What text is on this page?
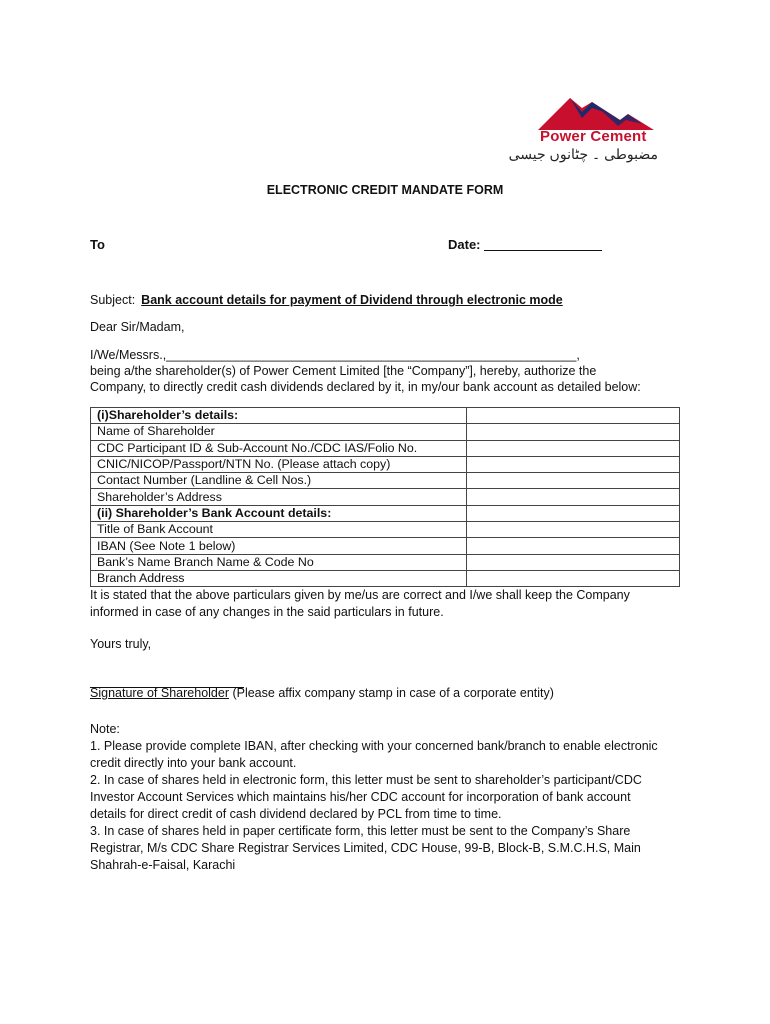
Power Cement
مضبوطی ۔ چٹانوں جیسی
ELECTRONIC CREDIT MANDATE FORM
To	Date:
Subject: Bank account details for payment of Dividend through electronic mode
Dear Sir/Madam,
I/We/Messrs.,___________________________________________________________,
being a/the shareholder(s) of Power Cement Limited [the “Company”], hereby, authorize the
Company, to directly credit cash dividends declared by it, in my/our bank account as detailed below:
(i)Shareholder’s details:	
Name of Shareholder	
CDC Participant ID & Sub-Account No./CDC IAS/Folio No.	
CNIC/NICOP/Passport/NTN No. (Please attach copy)	
Contact Number (Landline & Cell Nos.)	
Shareholder’s Address	
(ii) Shareholder’s Bank Account details:	
Title of Bank Account	
IBAN (See Note 1 below)	
Bank’s Name Branch Name & Code No	
Branch Address	
It is stated that the above particulars given by me/us are correct and I/we shall keep the Company
informed in case of any changes in the said particulars in future.
Yours truly,
Signature of Shareholder (Please affix company stamp in case of a corporate entity)
Note:
1. Please provide complete IBAN, after checking with your concerned bank/branch to enable electronic
credit directly into your bank account.
2. In case of shares held in electronic form, this letter must be sent to shareholder’s participant/CDC
Investor Account Services which maintains his/her CDC account for incorporation of bank account
details for direct credit of cash dividend declared by PCL from time to time.
3. In case of shares held in paper certificate form, this letter must be sent to the Company’s Share
Registrar, M/s CDC Share Registrar Services Limited, CDC House, 99-B, Block-B, S.M.C.H.S, Main
Shahrah-e-Faisal, Karachi
